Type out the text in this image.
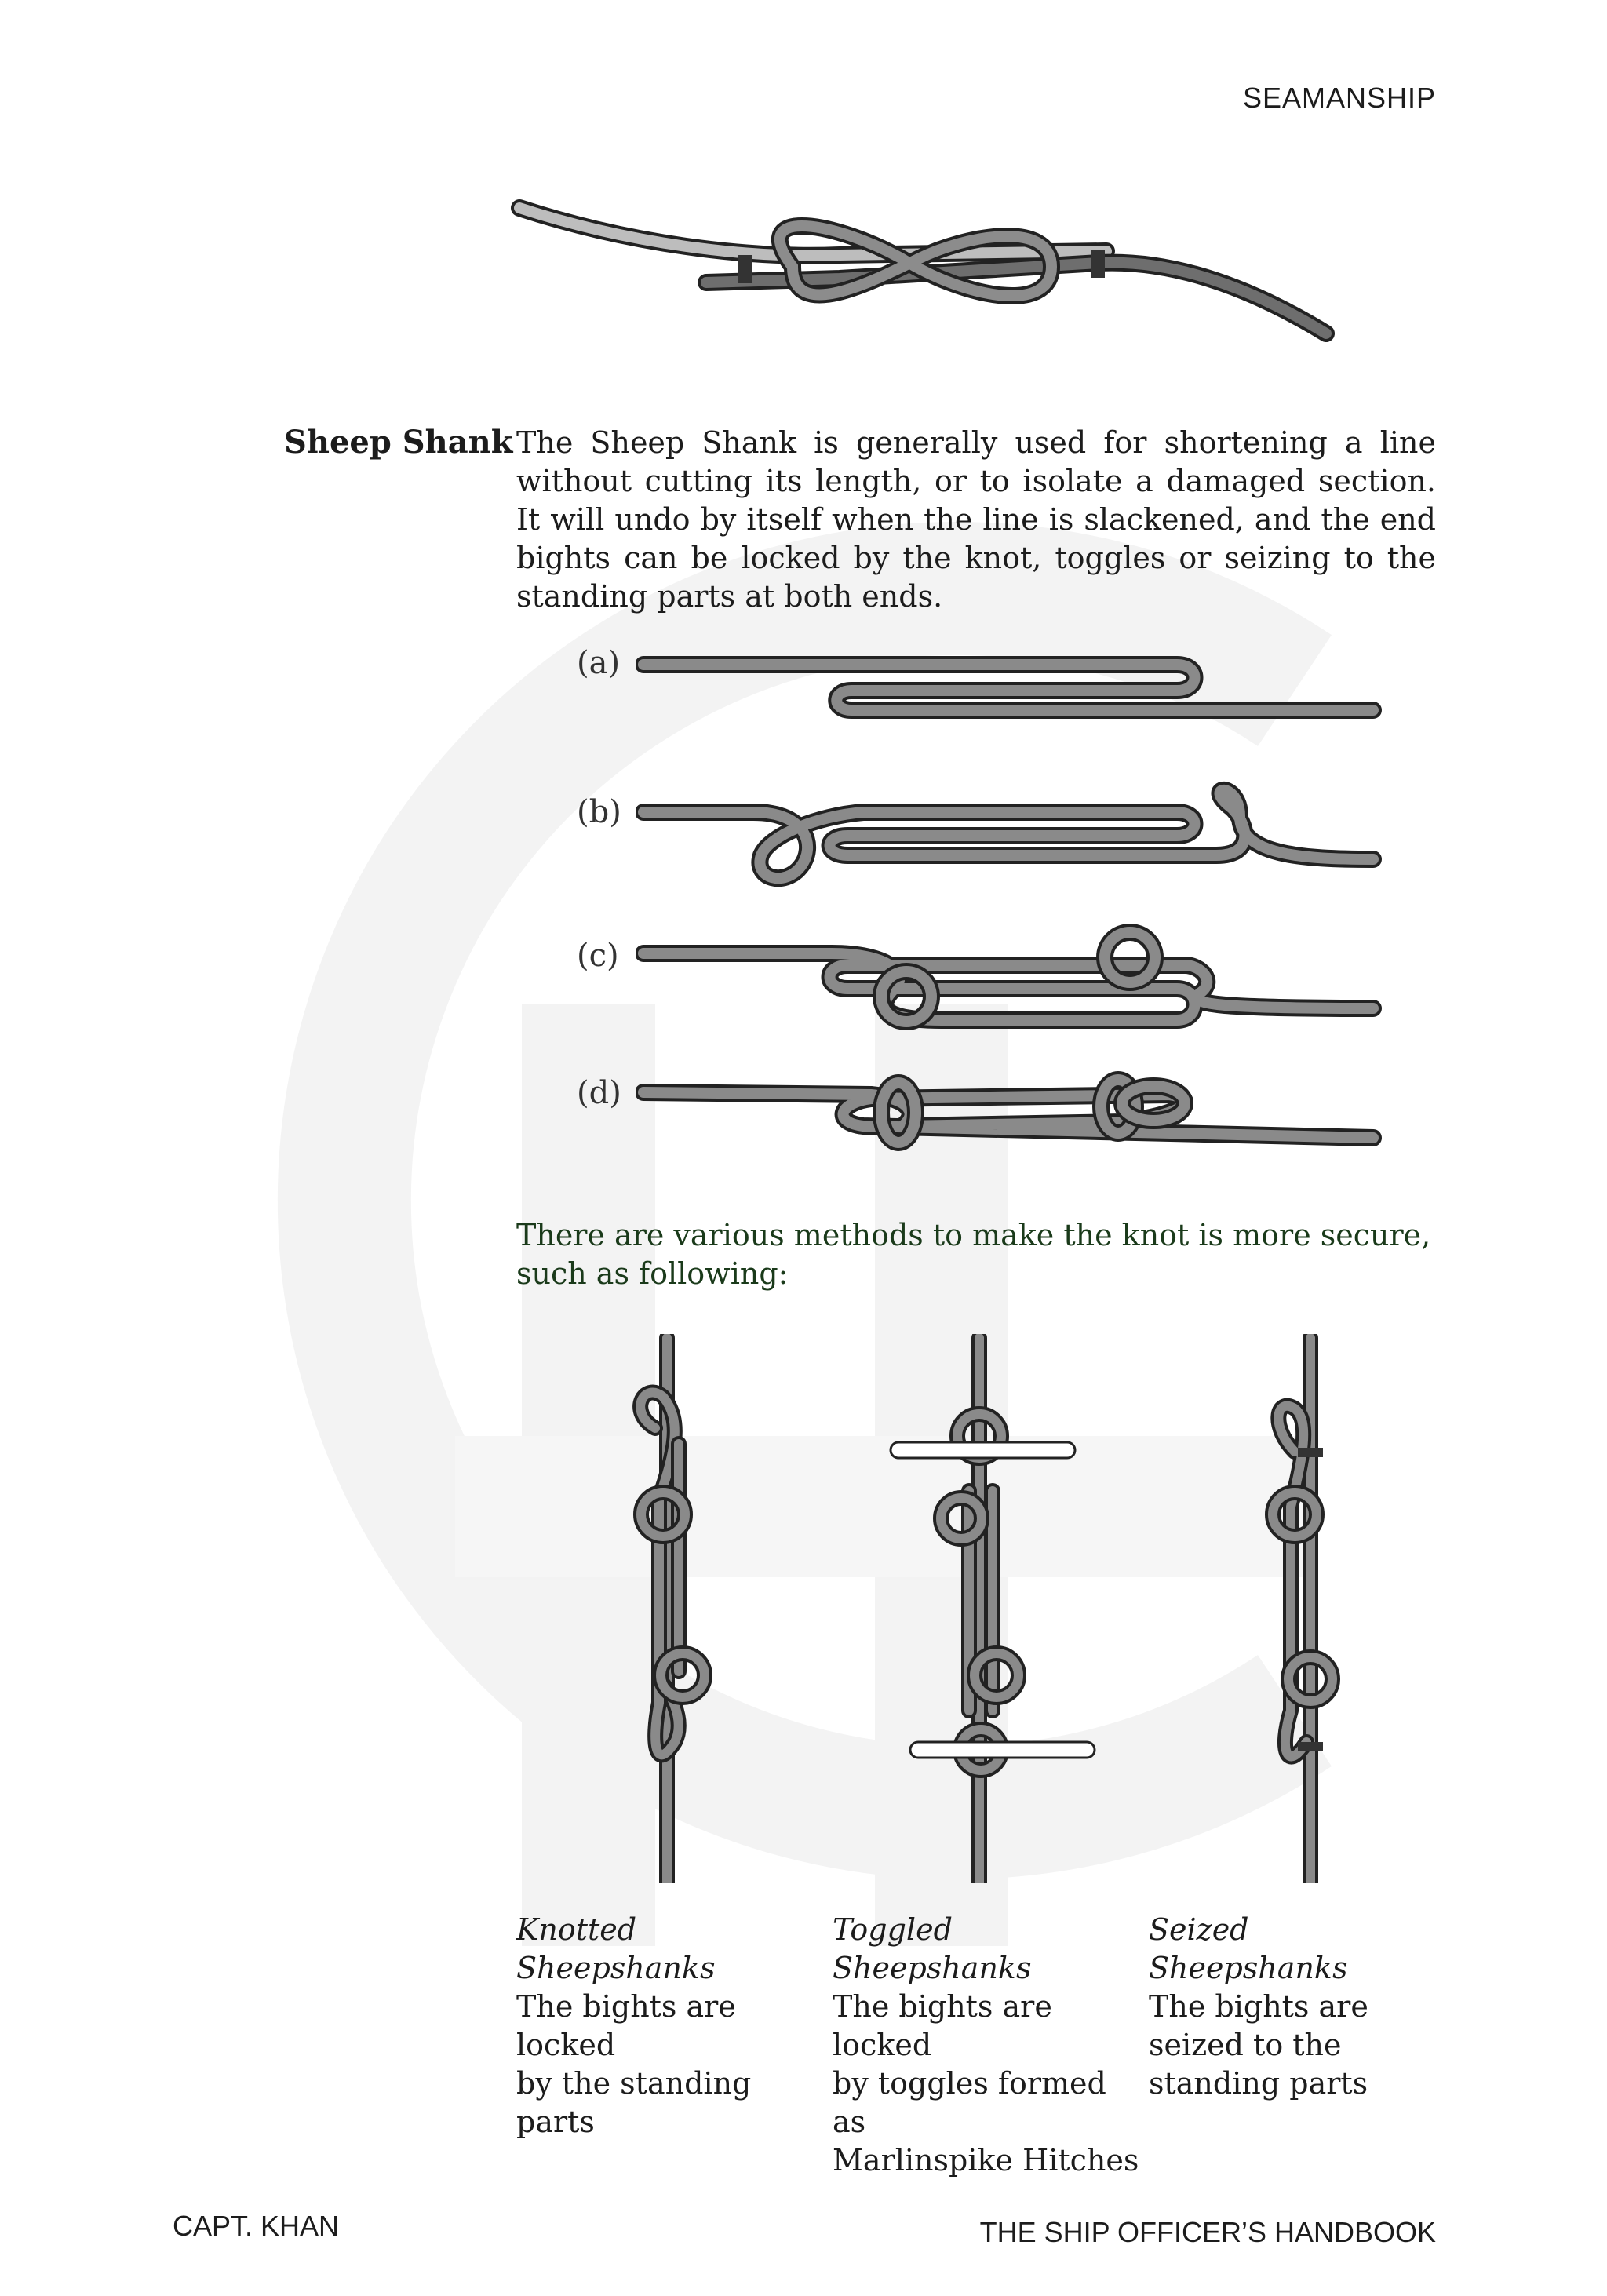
SEAMANSHIP
Sheep Shank The Sheep Shank is generally used for shortening a line without cutting its length, or to isolate a damaged section. It will undo by itself when the line is slackened, and the end bights can be locked by the knot, toggles or seizing to the standing parts at both ends.
(a)
(b)
(c)
(d)
There are various methods to make the knot is more secure, such as following:
Knotted Sheepshanks
The bights are locked
by the standing parts
Toggled Sheepshanks
The bights are locked
by toggles formed as
Marlinspike Hitches
Seized Sheepshanks
The bights are
seized to the
standing parts
CAPT. KHAN	THE SHIP OFFICER’S HANDBOOK
